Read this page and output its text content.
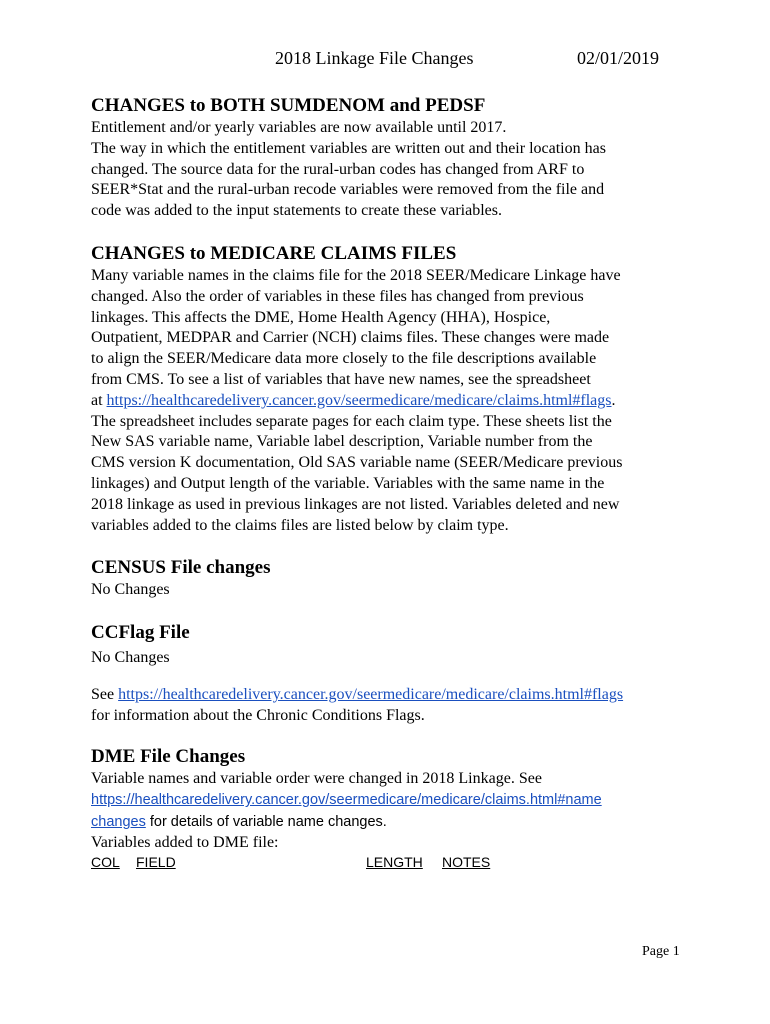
2018 Linkage File Changes	02/01/2019
CHANGES to BOTH SUMDENOM and PEDSF

Entitlement and/or yearly variables are now available until 2017.

The way in which the entitlement variables are written out and their location has

changed. The source data for the rural-urban codes has changed from ARF to

SEER*Stat and the rural-urban recode variables were removed from the file and

code was added to the input statements to create these variables.

CHANGES to MEDICARE CLAIMS FILES

Many variable names in the claims file for the 2018 SEER/Medicare Linkage have

changed. Also the order of variables in these files has changed from previous

linkages. This affects the DME, Home Health Agency (HHA), Hospice,

Outpatient, MEDPAR and Carrier (NCH) claims files. These changes were made

to align the SEER/Medicare data more closely to the file descriptions available

from CMS. To see a list of variables that have new names, see the spreadsheet

at https://healthcaredelivery.cancer.gov/seermedicare/medicare/claims.html#flags.

The spreadsheet includes separate pages for each claim type. These sheets list the

New SAS variable name, Variable label description, Variable number from the

CMS version K documentation, Old SAS variable name (SEER/Medicare previous

linkages) and Output length of the variable. Variables with the same name in the

2018 linkage as used in previous linkages are not listed. Variables deleted and new

variables added to the claims files are listed below by claim type.

CENSUS File changes

No Changes

CCFlag File

No Changes

See https://healthcaredelivery.cancer.gov/seermedicare/medicare/claims.html#flags

for information about the Chronic Conditions Flags.

DME File Changes

Variable names and variable order were changed in 2018 Linkage. See

https://healthcaredelivery.cancer.gov/seermedicare/medicare/claims.html#name

changes for details of variable name changes.

Variables added to DME file:

COL FIELD	LENGTH NOTES
Page 1
